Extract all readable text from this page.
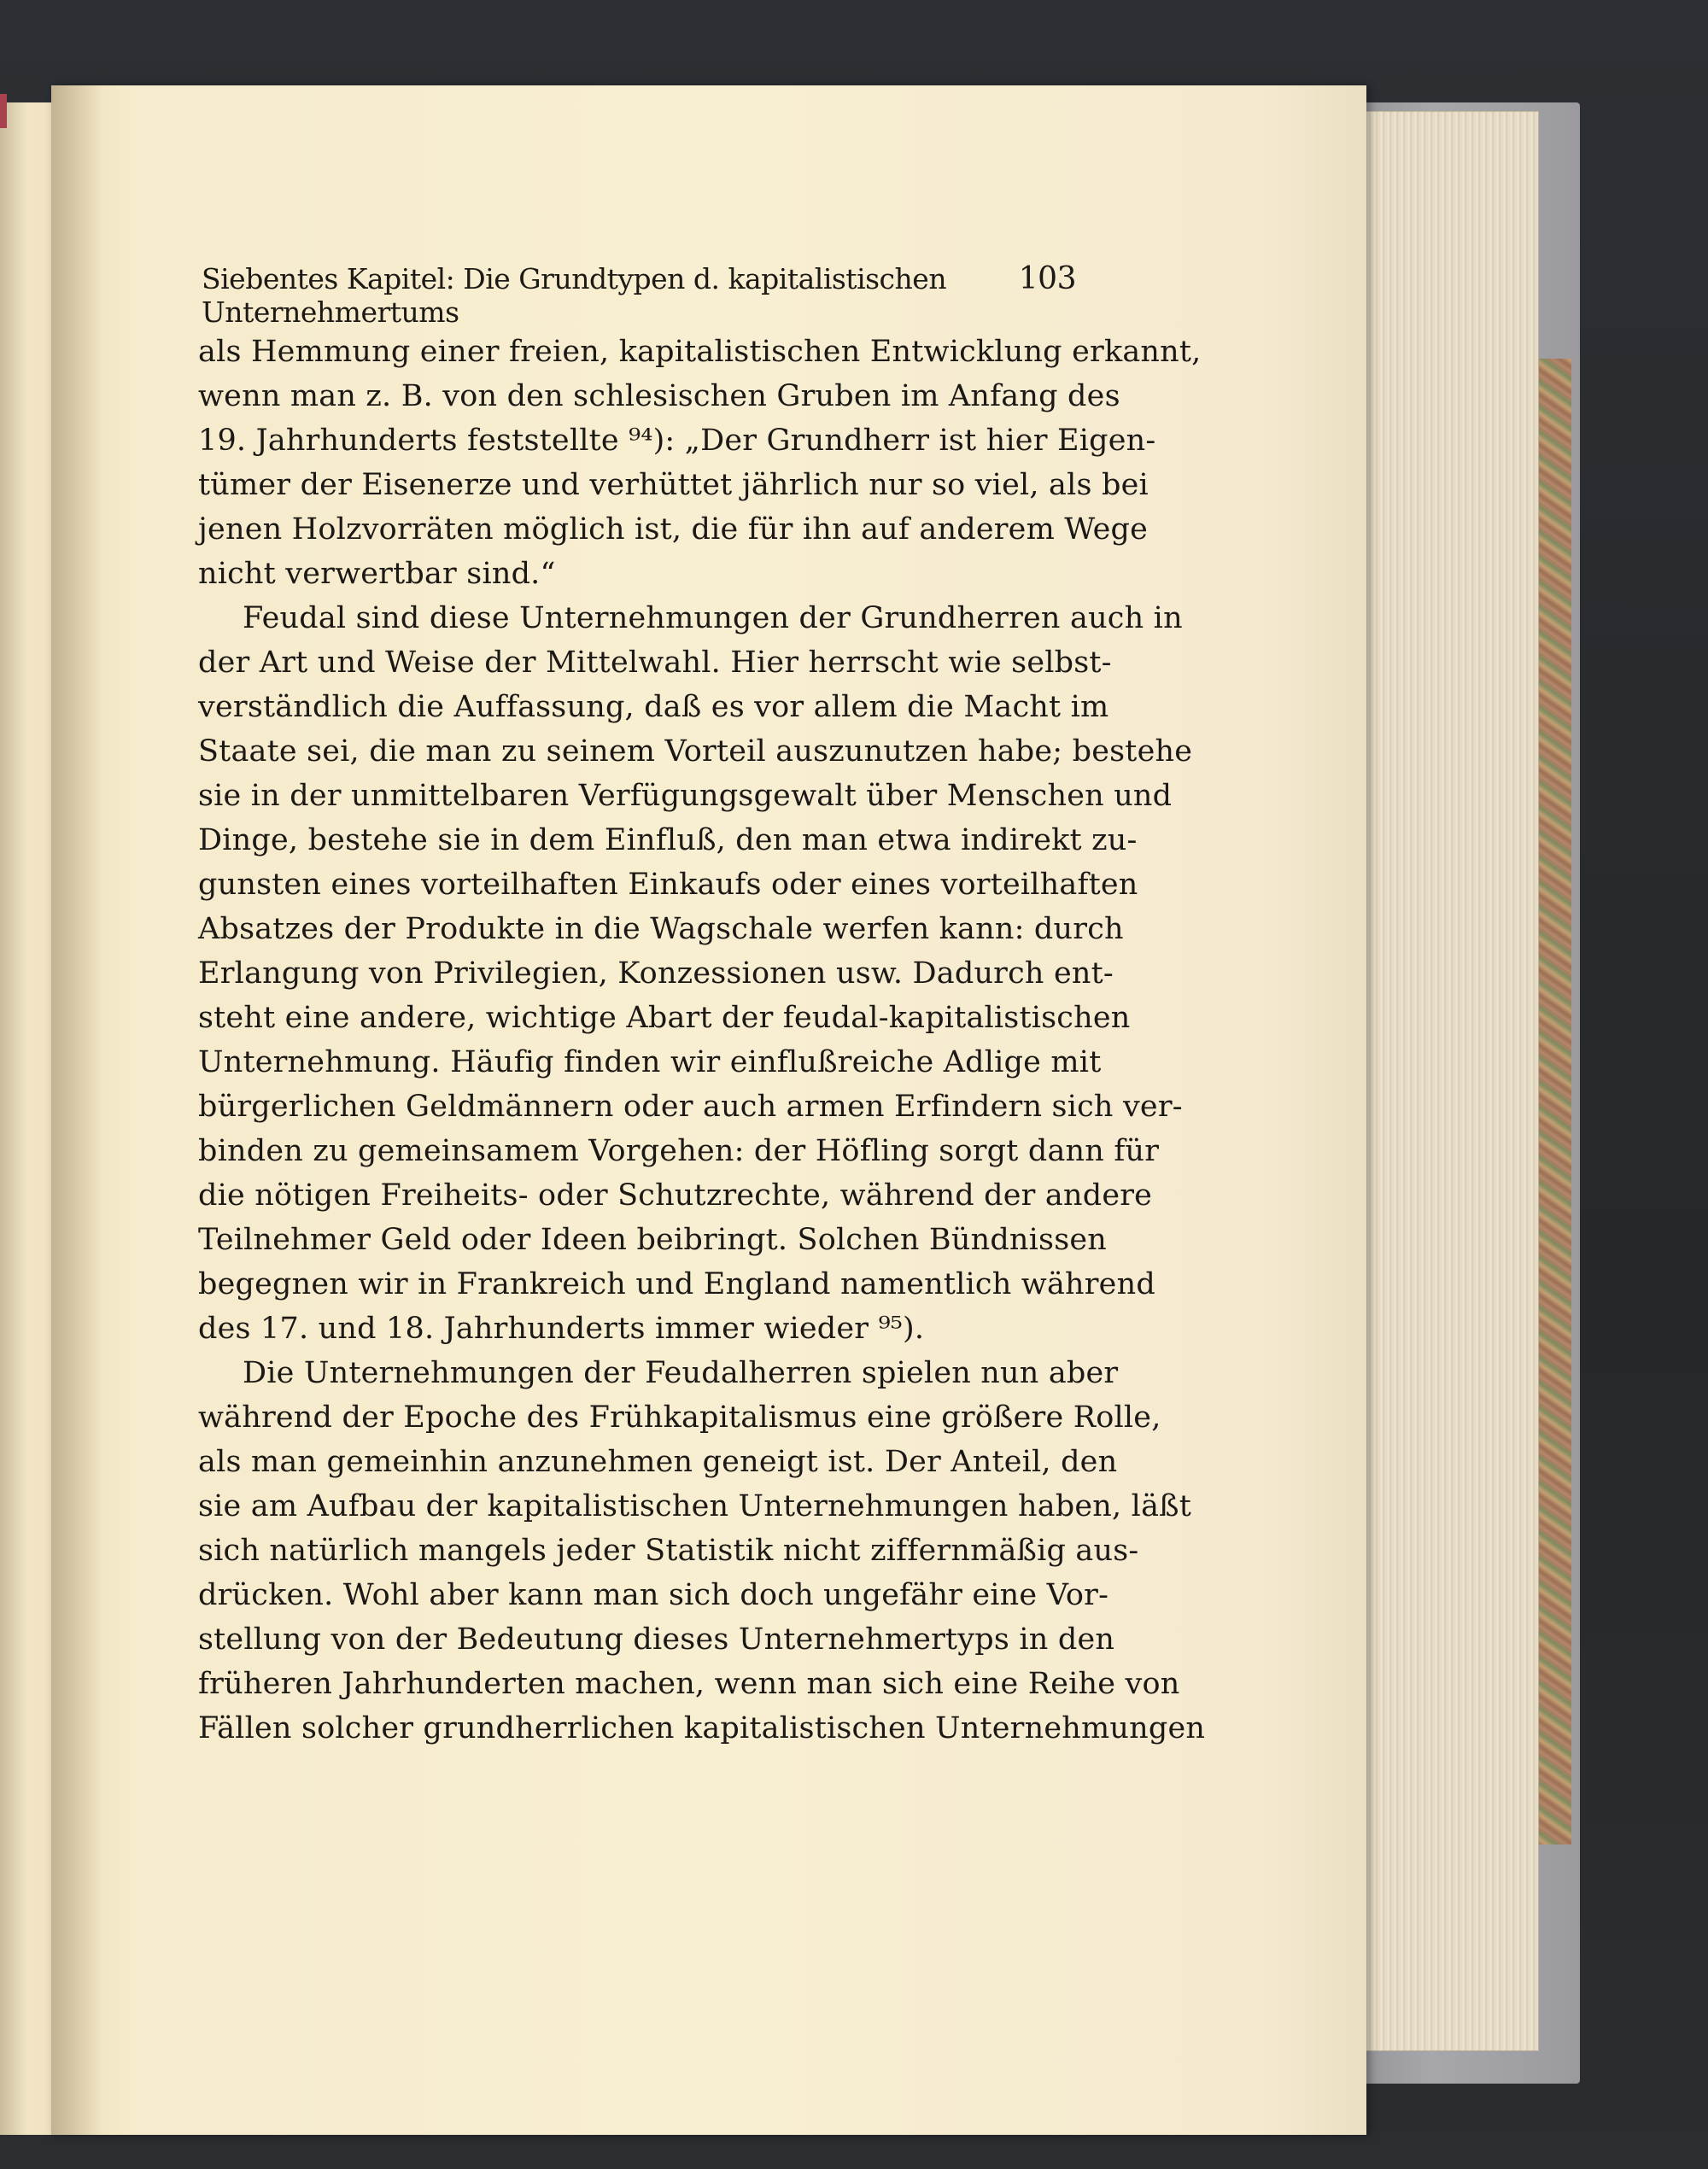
Siebentes Kapitel: Die Grundtypen d. kapitalistischen Unternehmertums
103
als Hemmung einer freien, kapitalistischen Entwicklung erkannt,
wenn man z. B. von den schlesischen Gruben im Anfang des
19. Jahrhunderts feststellte ⁹⁴): „Der Grundherr ist hier Eigen-
tümer der Eisenerze und verhüttet jährlich nur so viel, als bei
jenen Holzvorräten möglich ist, die für ihn auf anderem Wege
nicht verwertbar sind.“
Feudal sind diese Unternehmungen der Grundherren auch in
der Art und Weise der Mittelwahl. Hier herrscht wie selbst-
verständlich die Auffassung, daß es vor allem die Macht im
Staate sei, die man zu seinem Vorteil auszunutzen habe; bestehe
sie in der unmittelbaren Verfügungsgewalt über Menschen und
Dinge, bestehe sie in dem Einfluß, den man etwa indirekt zu-
gunsten eines vorteilhaften Einkaufs oder eines vorteilhaften
Absatzes der Produkte in die Wagschale werfen kann: durch
Erlangung von Privilegien, Konzessionen usw. Dadurch ent-
steht eine andere, wichtige Abart der feudal-kapitalistischen
Unternehmung. Häufig finden wir einflußreiche Adlige mit
bürgerlichen Geldmännern oder auch armen Erfindern sich ver-
binden zu gemeinsamem Vorgehen: der Höfling sorgt dann für
die nötigen Freiheits- oder Schutzrechte, während der andere
Teilnehmer Geld oder Ideen beibringt. Solchen Bündnissen
begegnen wir in Frankreich und England namentlich während
des 17. und 18. Jahrhunderts immer wieder ⁹⁵).
Die Unternehmungen der Feudalherren spielen nun aber
während der Epoche des Frühkapitalismus eine größere Rolle,
als man gemeinhin anzunehmen geneigt ist. Der Anteil, den
sie am Aufbau der kapitalistischen Unternehmungen haben, läßt
sich natürlich mangels jeder Statistik nicht ziffernmäßig aus-
drücken. Wohl aber kann man sich doch ungefähr eine Vor-
stellung von der Bedeutung dieses Unternehmertyps in den
früheren Jahrhunderten machen, wenn man sich eine Reihe von
Fällen solcher grundherrlichen kapitalistischen Unternehmungen
